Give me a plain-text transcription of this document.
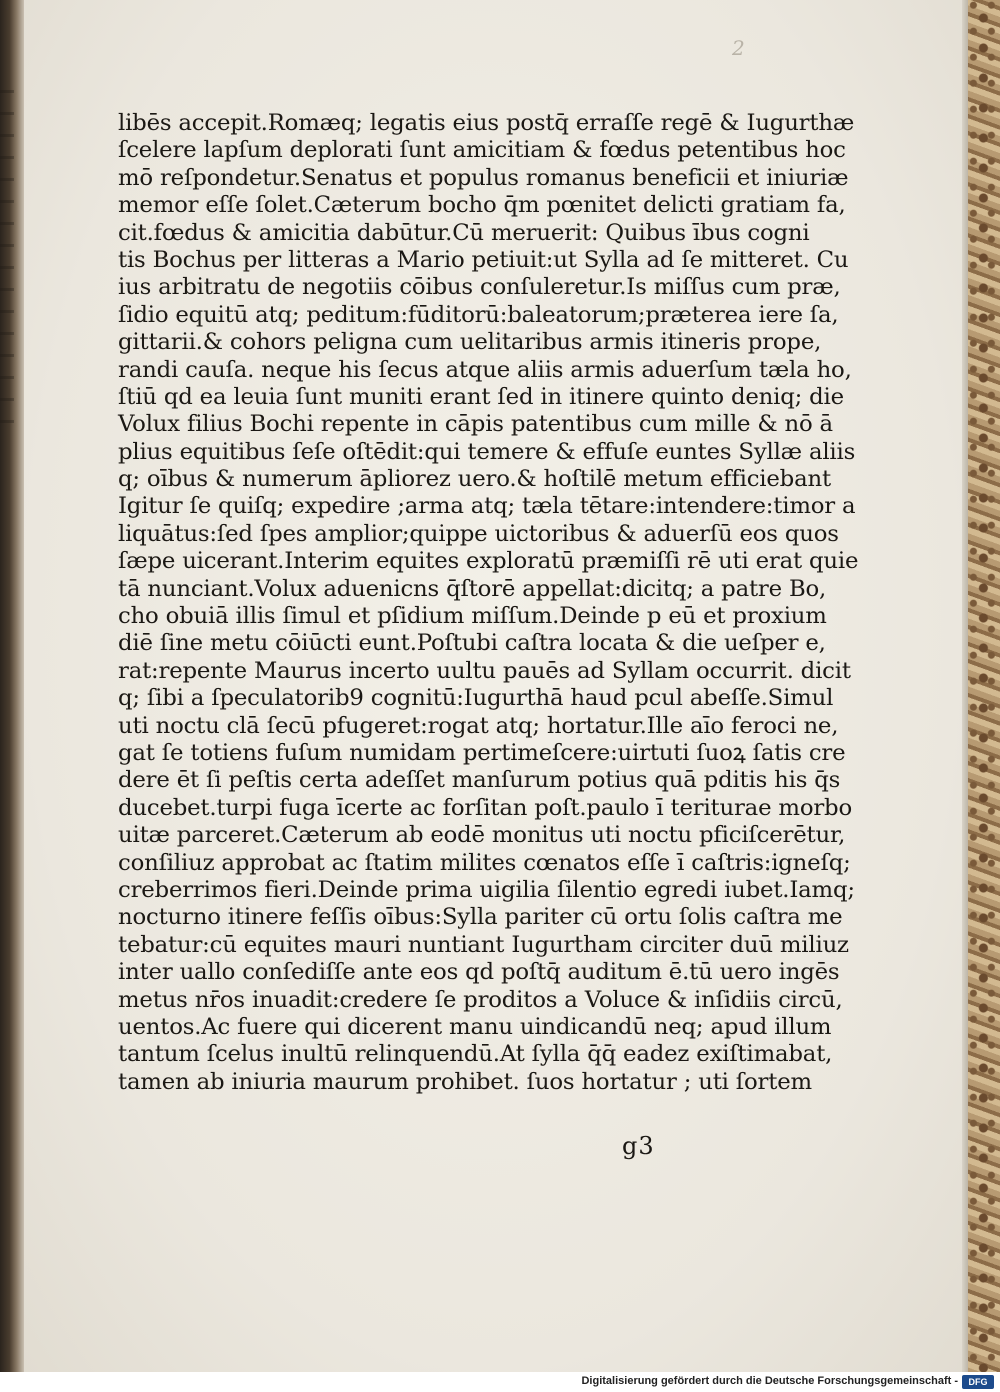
2
libēs accepit.Romæq; legatis eius postq̄ erraſſe regē & Iugurthæ
ſcelere lapſum deplorati ſunt amicitiam & fœdus petentibus hoc
mō reſpondetur.Senatus et populus romanus beneficii et iniuriæ
memor eſſe ſolet.Cæterum bocho q̄m pœnitet delicti gratiam fa,
cit.fœdus & amicitia dabūtur.Cū meruerit: Quibus ībus cogni
tis Bochus per litteras a Mario petiuit:ut Sylla ad ſe mitteret. Cu
ius arbitratu de negotiis cōibus conſuleretur.Is miſſus cum præ,
ſidio equitū atq; peditum:fūditorū:baleatorum;præterea iere ſa,
gittarii.& cohors peligna cum uelitaribus armis itineris prope,
randi cauſa. neque his ſecus atque aliis armis aduerſum tæla ho,
ſtiū qd ea leuia ſunt muniti erant ſed in itinere quinto deniq; die
Volux filius Bochi repente in cāpis patentibus cum mille & nō ā
plius equitibus ſeſe oſtēdit:qui temere & effuſe euntes Syllæ aliis
q; oībus & numerum āpliorez uero.& hoſtilē metum efficiebant
Igitur ſe quiſq; expedire ;arma atq; tæla tētare:intendere:timor a
liquātus:ſed ſpes amplior;quippe uictoribus & aduerſū eos quos
ſæpe uicerant.Interim equites exploratū præmiſſi rē uti erat quie
tā nunciant.Volux aduenicns q̄ſtorē appellat:dicitq; a patre Bo,
cho obuiā illis ſimul et pſidium miſſum.Deinde p eū et proxium
diē ſine metu cōiūcti eunt.Poſtubi caſtra locata & die ueſper e,
rat:repente Maurus incerto uultu pauēs ad Syllam occurrit. dicit
q; ſibi a ſpeculatorib9 cognitū:Iugurthā haud pcul abeſſe.Simul
uti noctu clā ſecū pfugeret:rogat atq; hortatur.Ille aīo feroci ne,
gat ſe totiens fuſum numidam pertimeſcere:uirtuti ſuoꝝ ſatis cre
dere ēt ſi peſtis certa adeſſet manſurum potius quā pditis his q̄s
ducebet.turpi fuga īcerte ac forſitan poſt.paulo ī teriturae morbo
uitæ parceret.Cæterum ab eodē monitus uti noctu pficiſcerētur,
conſiliuz approbat ac ſtatim milites cœnatos eſſe ī caſtris:igneſq;
creberrimos fieri.Deinde prima uigilia ſilentio egredi iubet.Iamq;
nocturno itinere feſſis oībus:Sylla pariter cū ortu ſolis caſtra me
tebatur:cū equites mauri nuntiant Iugurtham circiter duū miliuz
inter uallo conſediſſe ante eos qd poſtq̄ auditum ē.tū uero ingēs
metus nr̄os inuadit:credere ſe proditos a Voluce & inſidiis circū,
uentos.Ac fuere qui dicerent manu uindicandū neq; apud illum
tantum ſcelus inultū relinquendū.At ſylla q̄q̄ eadez exiſtimabat,
tamen ab iniuria maurum prohibet. ſuos hortatur ; uti ſortem
g3
Digitalisierung gefördert durch die Deutsche Forschungsgemeinschaft -	DFG
